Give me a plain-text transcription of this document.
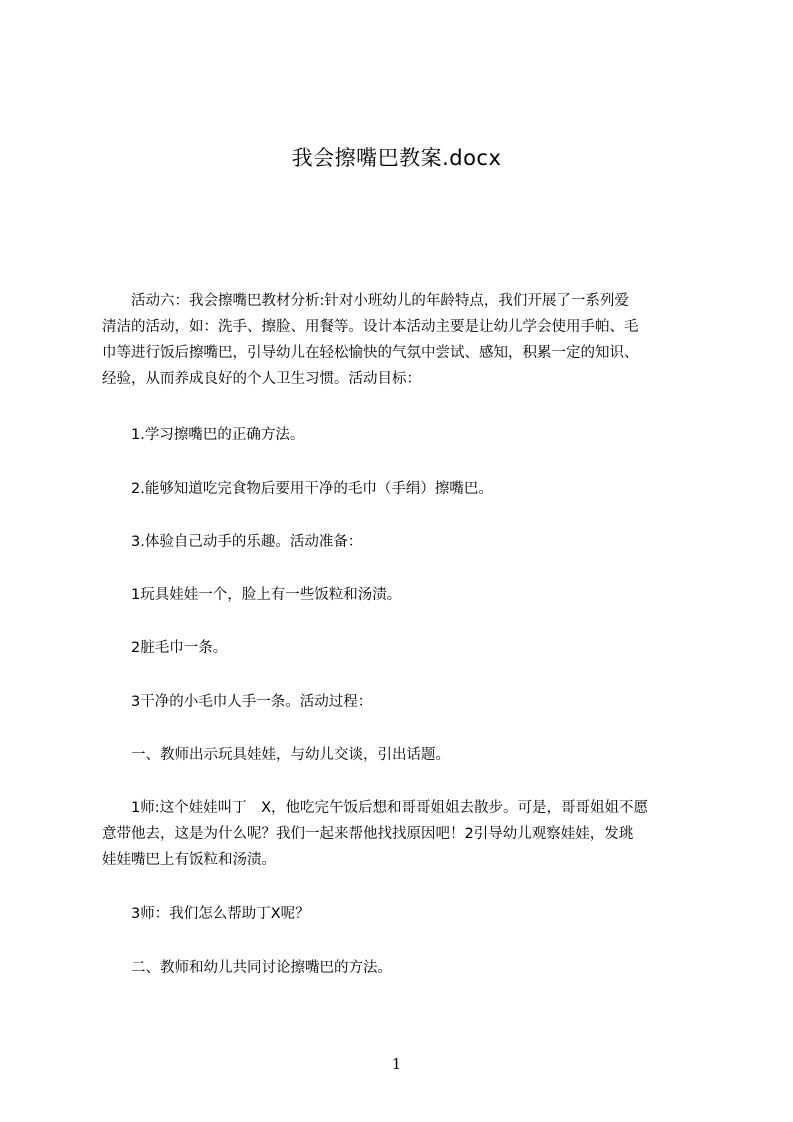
我会擦嘴巴教案.docx
　　活动六：我会擦嘴巴教材分析:针对小班幼儿的年龄特点，我们开展了一系列爱
清洁的活动，如：洗手、擦脸、用餐等。设计本活动主要是让幼儿学会使用手帕、毛
巾等进行饭后擦嘴巴，引导幼儿在轻松愉快的气氛中尝试、感知，积累一定的知识、
经验，从而养成良好的个人卫生习惯。活动目标：
　　1.学习擦嘴巴的正确方法。
　　2.能够知道吃完食物后要用干净的毛巾（手绢）擦嘴巴。
　　3.体验自己动手的乐趣。活动准备：
　　1玩具娃娃一个，脸上有一些饭粒和汤渍。
　　2脏毛巾一条。
　　3干净的小毛巾人手一条。活动过程：
　　一、教师出示玩具娃娃，与幼儿交谈，引出话题。
　　1师:这个娃娃叫丁　X，他吃完午饭后想和哥哥姐姐去散步。可是，哥哥姐姐不愿
意带他去，这是为什么呢？我们一起来帮他找找原因吧！2引导幼儿观察娃娃，发珧
娃娃嘴巴上有饭粒和汤渍。
　　3师：我们怎么帮助丁X呢？
　　二、教师和幼儿共同讨论擦嘴巴的方法。
1
